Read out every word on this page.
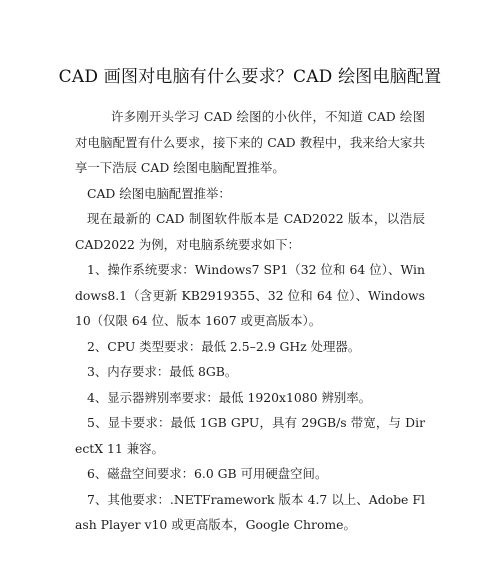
CAD 画图对电脑有什么要求？CAD 绘图电脑配置

许多刚开头学习 CAD 绘图的小伙伴，不知道 CAD 绘图对电脑配置有什么要求，接下来的 CAD 教程中，我来给大家共享一下浩辰 CAD 绘图电脑配置推举。

CAD 绘图电脑配置推举：

现在最新的 CAD 制图软件版本是 CAD2022 版本，以浩辰 CAD2022 为例，对电脑系统要求如下：

1、操作系统要求：Windows7 SP1（32 位和 64 位）、Windows8.1（含更新 KB2919355、32 位和 64 位）、Windows10（仅限 64 位、版本 1607 或更高版本）。

2、CPU 类型要求：最低 2.5–2.9 GHz 处理器。

3、内存要求：最低 8GB。

4、显示器辨别率要求：最低 1920x1080 辨别率。

5、显卡要求：最低 1GB GPU，具有 29GB/s 带宽，与 DirectX 11 兼容。

6、磁盘空间要求：6.0 GB 可用硬盘空间。

7、其他要求：.NETFramework 版本 4.7 以上、Adobe Flash Player v10 或更高版本，Google Chrome。
